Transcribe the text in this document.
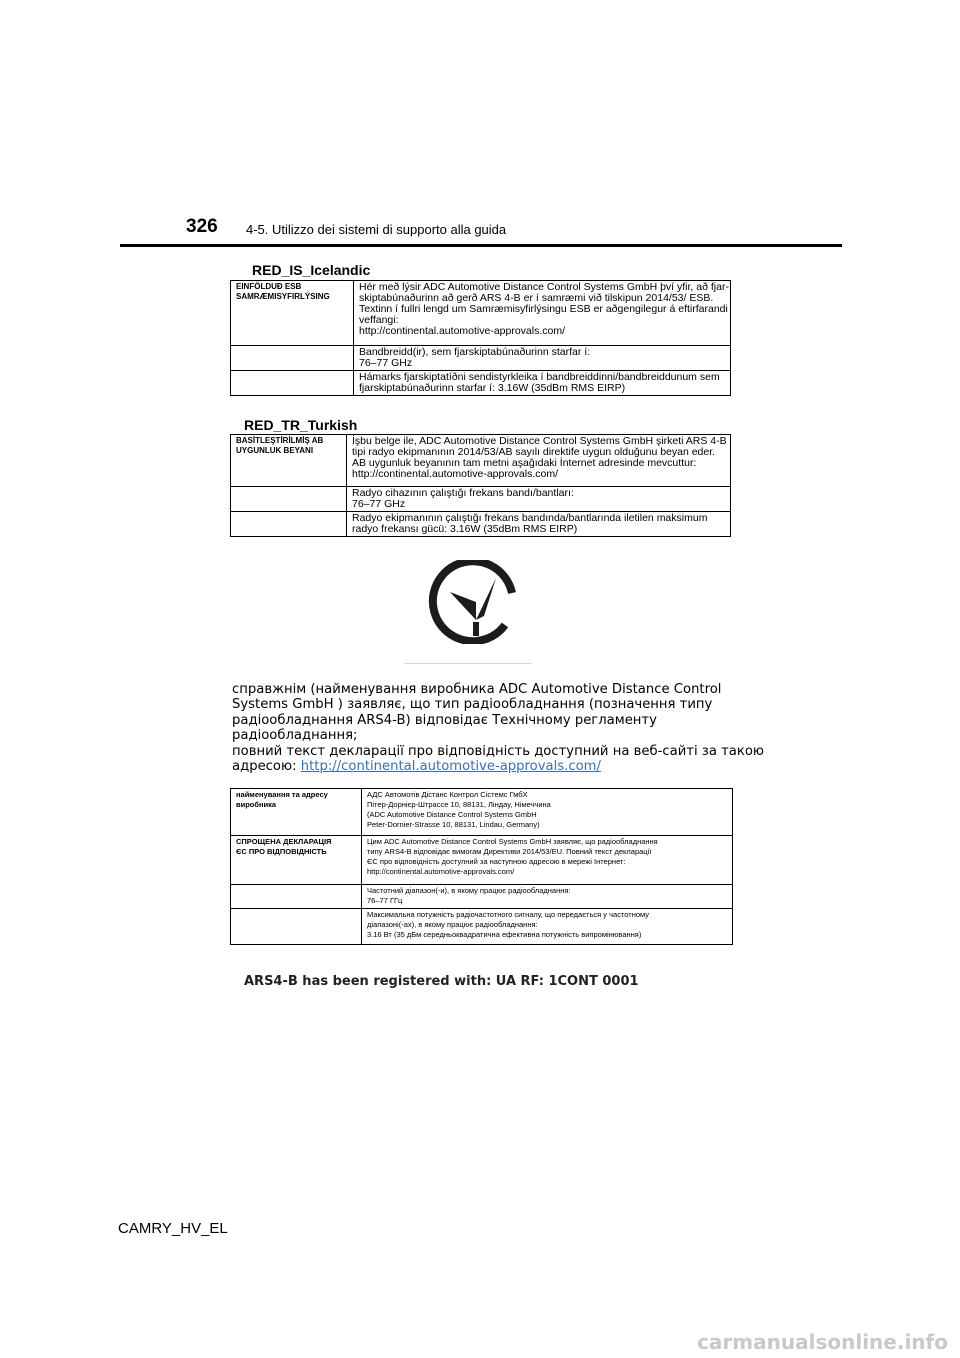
326 4-5. Utilizzo dei sistemi di supporto alla guida
RED_IS_Icelandic
EINFÖLDUÐ ESB
SAMRÆMISYFIRLÝSING	Hér með lýsir ADC Automotive Distance Control Systems GmbH því yfir, að fjar-
skiptabúnaðurinn að gerð ARS 4-B er í samræmi við tilskipun 2014/53/ ESB.
Textinn í fullri lengd um Samræmisyfirlýsingu ESB er aðgengilegur á eftirfarandi
veffangi:
http://continental.automotive-approvals.com/

	Bandbreidd(ir), sem fjarskiptabúnaðurinn starfar í:
76–77 GHz

	Hámarks fjarskiptatíðni sendistyrkleika í bandbreiddinni/bandbreiddunum sem
fjarskiptabúnaðurinn starfar í: 3.16W (35dBm RMS EIRP)
RED_TR_Turkish
BASİTLEŞTİRİLMİŞ AB
UYGUNLUK BEYANI	İşbu belge ile, ADC Automotive Distance Control Systems GmbH şirketi ARS 4-B
tipi radyo ekipmanının 2014/53/AB sayılı direktife uygun olduğunu beyan eder.
AB uygunluk beyanının tam metni aşağıdaki İnternet adresinde mevcuttur:
http://continental.automotive-approvals.com/

	Radyo cihazının çalıştığı frekans bandı/bantları:
76–77 GHz

	Radyo ekipmanının çalıştığı frekans bandında/bantlarında iletilen maksimum
radyo frekansı gücü: 3.16W (35dBm RMS EIRP)
справжнім (найменування виробника ADC Automotive Distance Control
Systems GmbH ) заявляє, що тип радіообладнання (позначення типу
радіообладнання ARS4-B) відповідає Технічному регламенту
радіообладнання;
повний текст декларації про відповідність доступний на веб-сайті за такою
адресою: http://continental.automotive-approvals.com/
найменування та адресу
виробника	АДС Автомотів Дістанс Контрол Сістемс ГмбХ
Пітер-Дорнієр-Штрассе 10, 88131, Ліндау, Німеччина
(ADC Automotive Distance Control Systems GmbH
Peter-Dornier-Strasse 10, 88131, Lindau, Germany)

СПРОЩЕНА ДЕКЛАРАЦІЯ
ЄС ПРО ВІДПОВІДНІСТЬ	Цим ADC Automotive Distance Control Systems GmbH заявляє, що радіообладнання
типу ARS4-B відповідає вимогам Директиви 2014/53/EU. Повний текст декларації
ЄС про відповідність доступний за наступною адресою в мережі Інтернет:
http://continental.automotive-approvals.com/

	Частотний діапазон(-и), в якому працює радіообладнання:
76–77 ГГц

	Максимальна потужність радіочастотного сигналу, що передається у частотному
діапазоні(-ах), в якому працює радіообладнання:
3.16 Вт (35 дБм середньоквадратична ефективна потужність випромінювання)
ARS4-B has been registered with: UA RF: 1CONT 0001
CAMRY_HV_EL
carmanualsonline.info
